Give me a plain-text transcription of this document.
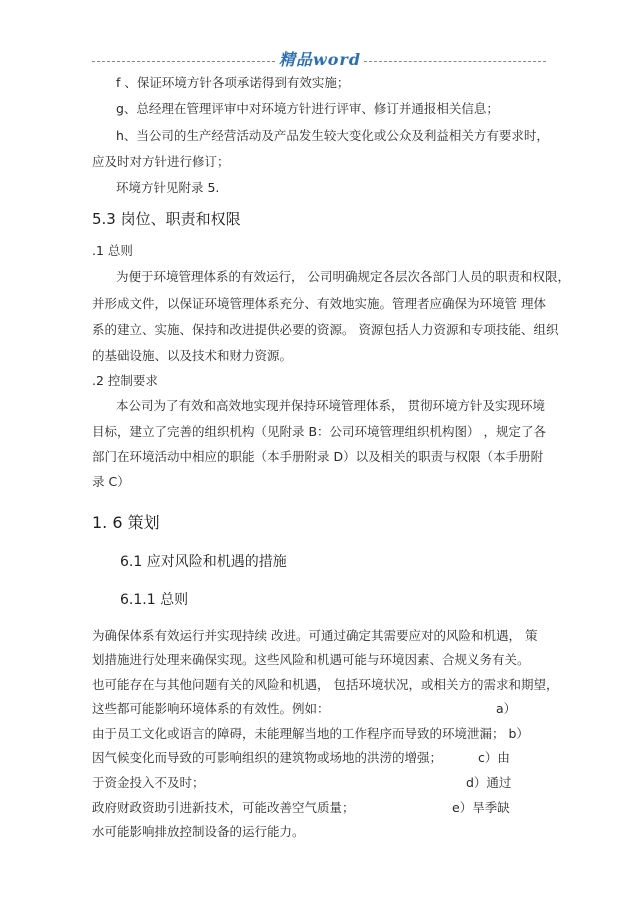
精品word
f 、保证环境方针各项承诺得到有效实施；
g、总经理在管理评审中对环境方针进行评审、修订并通报相关信息；
h、当公司的生产经营活动及产品发生较大变化或公众及利益相关方有要求时，
应及时对方针进行修订；
环境方针见附录 5.
5.3 岗位、职责和权限
.1 总则
为便于环境管理体系的有效运行， 公司明确规定各层次各部门人员的职责和权限，
并形成文件，以保证环境管理体系充分、有效地实施。管理者应确保为环境管 理体
系的建立、实施、保持和改进提供必要的资源。 资源包括人力资源和专项技能、组织
的基础设施、以及技术和财力资源。
.2 控制要求
本公司为了有效和高效地实现并保持环境管理体系， 贯彻环境方针及实现环境
目标，建立了完善的组织机构（见附录 B：公司环境管理组织机构图） ，规定了各
部门在环境活动中相应的职能（本手册附录 D）以及相关的职责与权限（本手册附
录 C）
1. 6 策划
6.1 应对风险和机遇的措施
6.1.1 总则
为确保体系有效运行并实现持续 改进。可通过确定其需要应对的风险和机遇， 策
划措施进行处理来确保实现。这些风险和机遇可能与环境因素、合规义务有关。
也可能存在与其他问题有关的风险和机遇， 包括环境状况，或相关方的需求和期望，
这些都可能影响环境体系的有效性。例如：	a）
由于员工文化或语言的障碍，未能理解当地的工作程序而导致的环境泄漏； b）
因气候变化而导致的可影响组织的建筑物或场地的洪涝的增强；	c）由
于资金投入不及时；	d）通过
政府财政资助引进新技术，可能改善空气质量；	e）旱季缺
水可能影响排放控制设备的运行能力。
